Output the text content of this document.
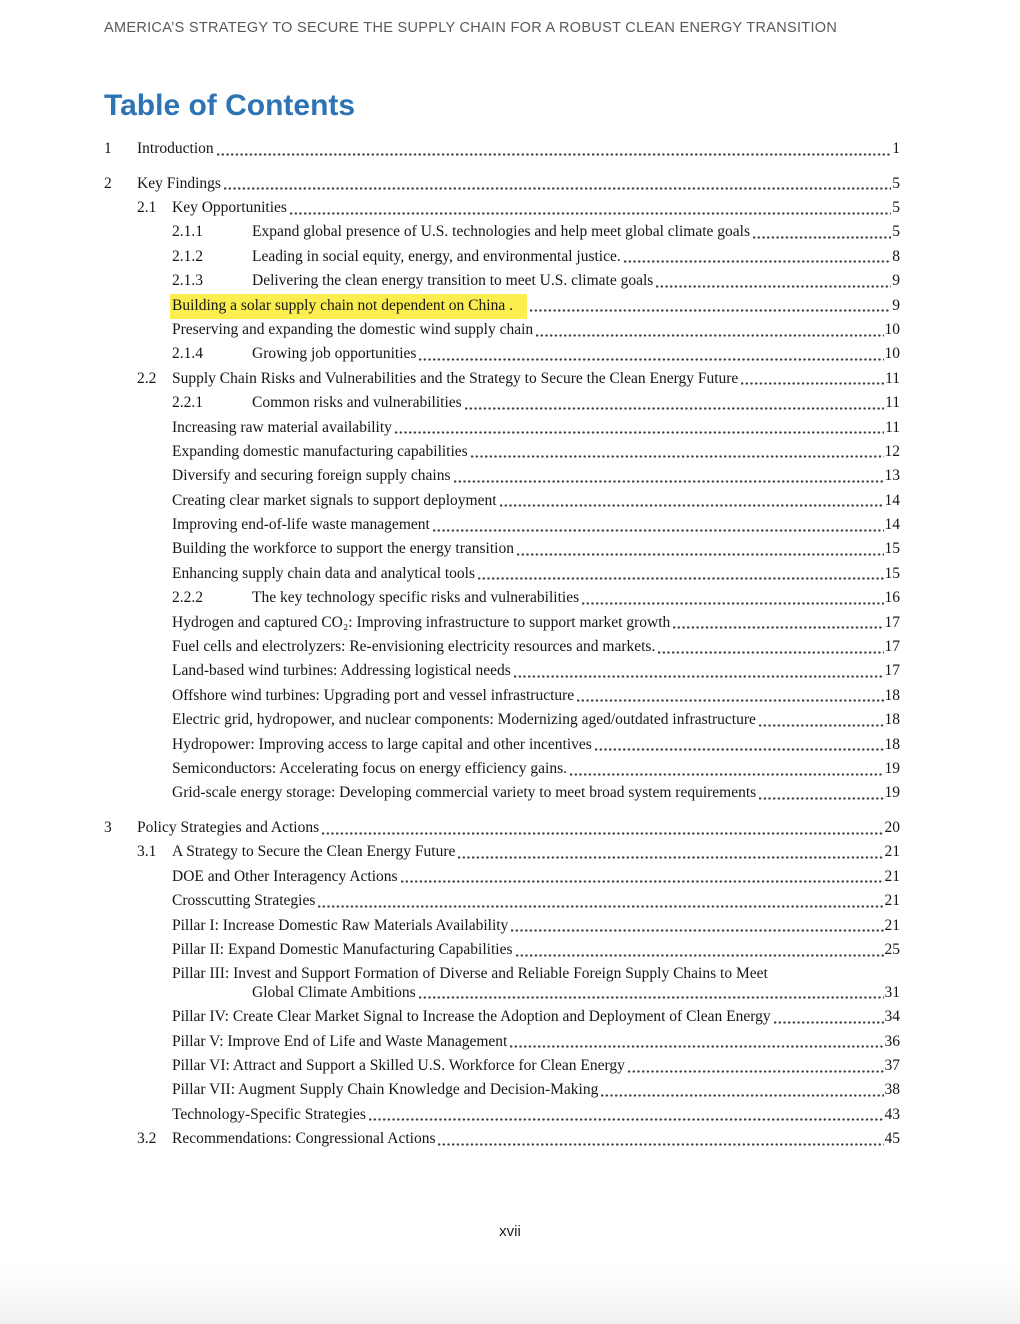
AMERICA’S STRATEGY TO SECURE THE SUPPLY CHAIN FOR A ROBUST CLEAN ENERGY TRANSITION
Table of Contents
1	Introduction	1
2	Key Findings	5
2.1	Key Opportunities	5
2.1.1	Expand global presence of U.S. technologies and help meet global climate goals	5
2.1.2	Leading in social equity, energy, and environmental justice.	8
2.1.3	Delivering the clean energy transition to meet U.S. climate goals	9
Building a solar supply chain not dependent on China .	9
Preserving and expanding the domestic wind supply chain	10
2.1.4	Growing job opportunities	10
2.2	Supply Chain Risks and Vulnerabilities and the Strategy to Secure the Clean Energy Future	11
2.2.1	Common risks and vulnerabilities	11
Increasing raw material availability	11
Expanding domestic manufacturing capabilities	12
Diversify and securing foreign supply chains	13
Creating clear market signals to support deployment	14
Improving end-of-life waste management	14
Building the workforce to support the energy transition	15
Enhancing supply chain data and analytical tools	15
2.2.2	The key technology specific risks and vulnerabilities	16
Hydrogen and captured CO₂: Improving infrastructure to support market growth	17
Fuel cells and electrolyzers: Re-envisioning electricity resources and markets.	17
Land-based wind turbines: Addressing logistical needs	17
Offshore wind turbines: Upgrading port and vessel infrastructure	18
Electric grid, hydropower, and nuclear components: Modernizing aged/outdated infrastructure	18
Hydropower: Improving access to large capital and other incentives	18
Semiconductors: Accelerating focus on energy efficiency gains.	19
Grid-scale energy storage: Developing commercial variety to meet broad system requirements	19
3	Policy Strategies and Actions	20
3.1	A Strategy to Secure the Clean Energy Future	21
DOE and Other Interagency Actions	21
Crosscutting Strategies	21
Pillar I: Increase Domestic Raw Materials Availability	21
Pillar II: Expand Domestic Manufacturing Capabilities	25
Pillar III: Invest and Support Formation of Diverse and Reliable Foreign Supply Chains to Meet
Global Climate Ambitions	31
Pillar IV: Create Clear Market Signal to Increase the Adoption and Deployment of Clean Energy	34
Pillar V: Improve End of Life and Waste Management	36
Pillar VI: Attract and Support a Skilled U.S. Workforce for Clean Energy	37
Pillar VII: Augment Supply Chain Knowledge and Decision-Making	38
Technology-Specific Strategies	43
3.2	Recommendations: Congressional Actions	45
xvii
